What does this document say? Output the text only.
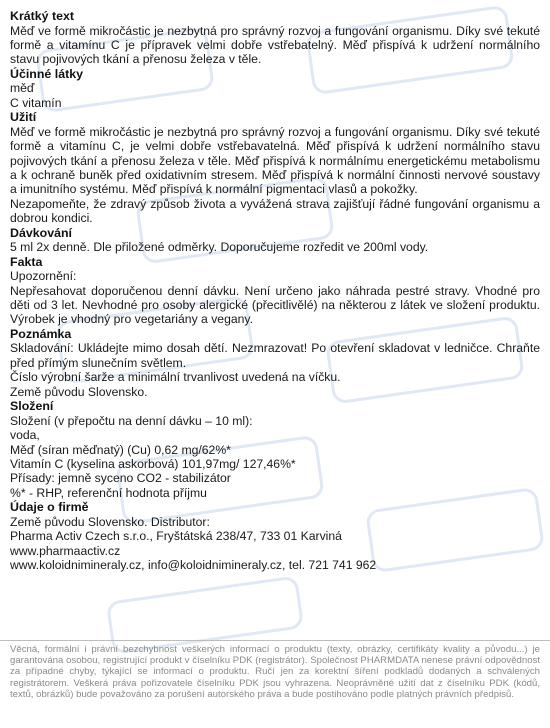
Krátký text

Měď ve formě mikročástic je nezbytná pro správný rozvoj a fungování organismu. Díky své tekuté formě a vitamínu C je přípravek velmi dobře vstřebatelný. Měď přispívá k udržení normálního stavu pojivových tkání a přenosu železa v těle.

Účinné látky
měď
C vitamín
Užití

Měď ve formě mikročástic je nezbytná pro správný rozvoj a fungování organismu. Díky své tekuté formě a vitamínu C, je velmi dobře vstřebavatelná. Měď přispívá k udržení normálního stavu pojivových tkání a přenosu železa v těle. Měď přispívá k normálnímu energetickému metabolismu a k ochraně buněk před oxidativním stresem. Měď přispívá k normální činnosti nervové soustavy a imunitního systému. Měď přispívá k normální pigmentaci vlasů a pokožky.

Nezapomeňte, že zdravý způsob života a vyvážená strava zajišťují řádné fungování organismu a dobrou kondici.

Dávkování

5 ml 2x denně. Dle přiložené odměrky. Doporučujeme rozředit ve 200ml vody.

Fakta
Upozornění:

Nepřesahovat doporučenou denní dávku. Není určeno jako náhrada pestré stravy. Vhodné pro děti od 3 let. Nevhodné pro osoby alergické (přecitlivělé) na některou z látek ve složení produktu. Výrobek je vhodný pro vegetariány a vegany.

Poznámka

Skladování: Ukládejte mimo dosah dětí. Nezmrazovat! Po otevření skladovat v ledničce. Chraňte před přímým slunečním světlem.

Číslo výrobní šarže a minimální trvanlivost uvedená na víčku.
Země původu Slovensko.
Složení
Složení (v přepočtu na denní dávku – 10 ml):
voda,
Měď (síran měďnatý) (Cu) 0,62 mg/62%*
Vitamín C (kyselina askorbová) 101,97mg/ 127,46%*
Přísady: jemně syceno CO2 - stabilizátor
%* - RHP, referenční hodnota příjmu
Údaje o firmě
Země původu Slovensko. Distributor:
Pharma Activ Czech s.r.o., Fryštátská 238/47, 733 01 Karviná
www.pharmaactiv.cz
www.koloidnimineraly.cz, info@koloidnimineraly.cz, tel. 721 741 962
Věcná, formální i právní bezchybnost veškerých informací o produktu (texty, obrázky, certifikáty kvality a původu...) je garantována osobou, registrující produkt v číselníku PDK (registrátor). Společnost PHARMDATA nenese právní odpovědnost za případné chyby, týkající se informací o produktu. Ručí jen za korektní šíření podkladů dodaných a schválených registrátorem. Veškerá práva pořizovatele číselníku PDK jsou vyhrazena. Neoprávněné užití dat z číselníku PDK (kódů, textů, obrázků) bude považováno za porušení autorského práva a bude postihováno podle platných právních předpisů.
